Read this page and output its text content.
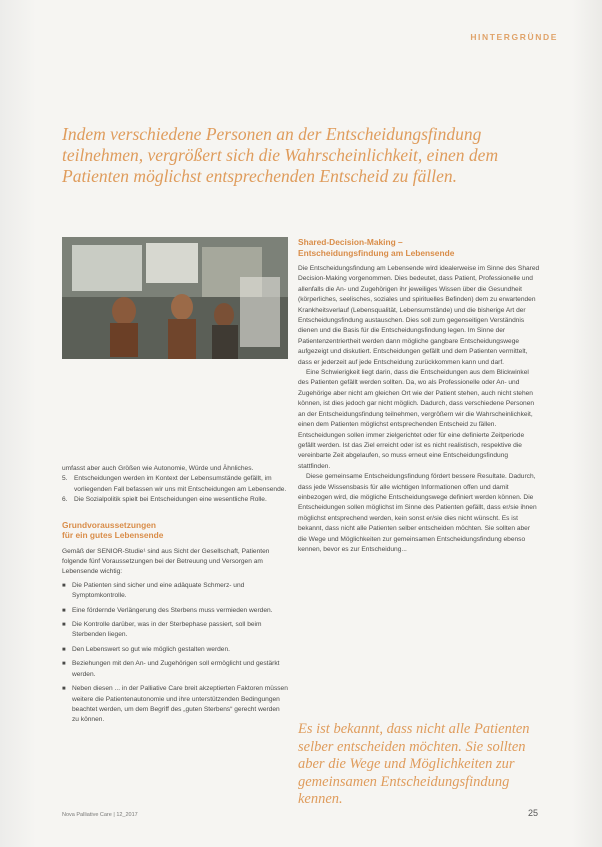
HINTERGRÜNDE
Indem verschiedene Personen an der Entscheidungsfindung teilnehmen, vergrößert sich die Wahrscheinlichkeit, einen dem Patienten möglichst entsprechenden Entscheid zu fällen.

umfasst aber auch Größen wie Autonomie, Würde und Ähnliches.

5. Entscheidungen werden im Kontext der Lebensumstände gefällt, im vorliegenden Fall befassen wir uns mit Entscheidungen am Lebensende.
6. Die Sozialpolitik spielt bei Entscheidungen eine wesentliche Rolle.
Grundvoraussetzungen
für ein gutes Lebensende

Gemäß der SENIOR-Studie¹ sind aus Sicht der Gesellschaft, Patienten folgende fünf Voraussetzungen bei der Betreuung und Versorgen am Lebensende wichtig:

■ Die Patienten sind sicher und eine adäquate Schmerz- und Symptomkontrolle.
■ Eine fördernde Verlängerung des Sterbens muss vermieden werden.
■ Die Kontrolle darüber, was in der Sterbephase passiert, soll beim Sterbenden liegen.
■ Den Lebenswert so gut wie möglich gestalten werden.
■ Beziehungen mit den An- und Zugehörigen soll ermöglicht und gestärkt werden.
■ Neben diesen ... in der Palliative Care breit akzeptierten Faktoren müssen weitere die Patientenautonomie und ihre unterstützenden Bedingungen beachtet werden, um dem Begriff des „guten Sterbens“ gerecht werden zu können.
Shared-Decision-Making –
Entscheidungsfindung am Lebensende

Die Entscheidungsfindung am Lebensende wird idealerweise im Sinne des Shared Decision-Making vorgenommen. Dies bedeutet, dass Patient, Professionelle und allenfalls die An- und Zugehörigen ihr jeweiliges Wissen über die Gesundheit (körperliches, seelisches, soziales und spirituelles Befinden) dem zu erwartenden Krankheitsverlauf (Lebensqualität, Lebensumstände) und die bisherige Art der Entscheidungsfindung austauschen. Dies soll zum gegenseitigen Verständnis dienen und die Basis für die Entscheidungsfindung legen. Im Sinne der Patientenzentriertheit werden dann mögliche gangbare Entscheidungswege aufgezeigt und diskutiert. Entscheidungen gefällt und dem Patienten vermittelt, dass er jederzeit auf jede Entscheidung zurückkommen kann und darf.

Eine Schwierigkeit liegt darin, dass die Entscheidungen aus dem Blickwinkel des Patienten gefällt werden sollten. Da, wo als Professionelle oder An- und Zugehörige aber nicht am gleichen Ort wie der Patient stehen, auch nicht stehen können, ist dies jedoch gar nicht möglich. Dadurch, dass verschiedene Personen an der Entscheidungsfindung teilnehmen, vergrößern wir die Wahrscheinlichkeit, einen dem Patienten möglichst entsprechenden Entscheid zu fällen. Entscheidungen sollen immer zielgerichtet oder für eine definierte Zeitperiode gefällt werden. Ist das Ziel erreicht oder ist es nicht realistisch, respektive die vereinbarte Zeit abgelaufen, so muss erneut eine Entscheidungsfindung stattfinden.

Diese gemeinsame Entscheidungsfindung fördert bessere Resultate. Dadurch, dass jede Wissensbasis für alle wichtigen Informationen offen und damit einbezogen wird, die mögliche Entscheidungswege definiert werden können. Die Entscheidungen sollen möglichst im Sinne des Patienten gefällt, dass er/sie ihnen möglichst entsprechend werden, kein sonst er/sie dies nicht wünscht. Es ist bekannt, dass nicht alle Patienten selber entscheiden möchten. Sie sollten aber die Wege und Möglichkeiten zur gemeinsamen Entscheidungsfindung ebenso kennen, bevor es zur Entscheidung...

Es ist bekannt, dass nicht alle Patienten selber entscheiden möchten. Sie sollten aber die Wege und Möglichkeiten zur gemeinsamen Entscheidungsfindung kennen.
Nova Palliative Care | 12_2017	25
